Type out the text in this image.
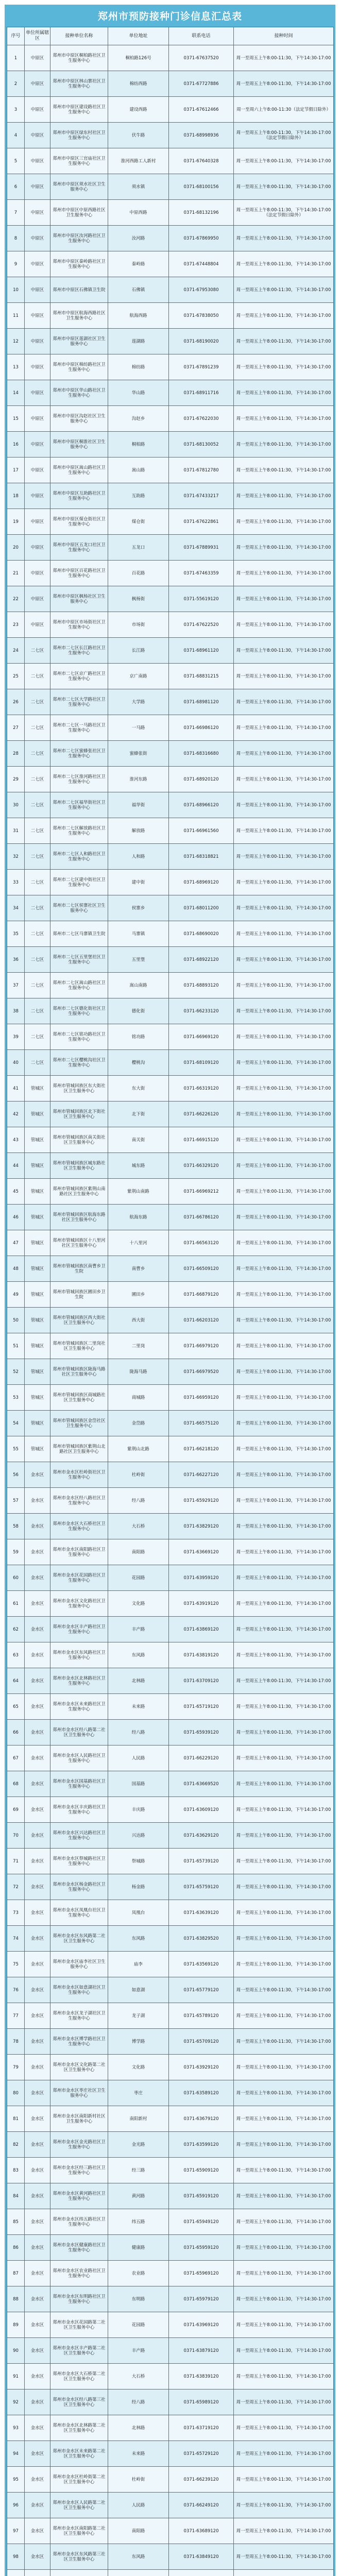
郑州市预防接种门诊信息汇总表
序号	单位所属辖区	接种单位名称	单位地址	联系电话	接种时间
1	中原区	郑州市中原区桐柏路社区卫生服务中心	桐柏路126号	0371-67637520	周一至周五上午8:00-11:30，下午14:30-17:00
2	中原区	郑州市中原区林山寨社区卫生服务中心	棉纺西路	0371-67727886	周一至周五上午8:00-11:30，下午14:30-17:00
3	中原区	郑州市中原区建设路社区卫生服务中心	建设西路	0371-67612466	周一至周六上午8:00-11:30（法定节假日除外）
4	中原区	郑州市中原区绿东村社区卫生服务中心	伏牛路	0371-68998936	周一至周五上午8:00-11:30，下午14:30-17:00（法定节假日除外）
5	中原区	郑州市中原区三官庙社区卫生服务中心	淮河西路工人新村	0371-67640328	周一至周五上午8:00-11:30，下午14:30-17:00
6	中原区	郑州市中原区须水社区卫生服务中心	须水镇	0371-68100156	周一至周五上午8:00-11:30，下午14:30-17:00
7	中原区	郑州市中原区中原西路社区卫生服务中心	中原西路	0371-68132196	周一至周五上午8:00-11:30，下午14:30-17:00（法定节假日除外）
8	中原区	郑州市中原区汝河路社区卫生服务中心	汝河路	0371-67869950	周一至周五上午8:00-11:30，下午14:30-17:00
9	中原区	郑州市中原区秦岭路社区卫生服务中心	秦岭路	0371-67448804	周一至周五上午8:00-11:30，下午14:30-17:00
10	中原区	郑州市中原区石佛镇卫生院	石佛镇	0371-67953080	周一至周五上午8:00-11:30，下午14:30-17:00
11	中原区	郑州市中原区航海西路社区卫生服务中心	航海西路	0371-67838050	周一至周五上午8:00-11:30，下午14:30-17:00
12	中原区	郑州市中原区莲湖社区卫生服务中心	莲湖路	0371-68190020	周一至周五上午8:00-11:30，下午14:30-17:00
13	中原区	郑州市中原区棉纺路社区卫生服务中心	棉纺路	0371-67891239	周一至周五上午8:00-11:30，下午14:30-17:00
14	中原区	郑州市中原区华山路社区卫生服务中心	华山路	0371-68911716	周一至周五上午8:00-11:30，下午14:30-17:00
15	中原区	郑州市中原区沟赵社区卫生服务中心	沟赵乡	0371-67622030	周一至周五上午8:00-11:30，下午14:30-17:00
16	中原区	郑州市中原区桐淮社区卫生服务中心	桐柏路	0371-68130052	周一至周五上午8:00-11:30，下午14:30-17:00
17	中原区	郑州市中原区嵩山路社区卫生服务中心	嵩山路	0371-67812780	周一至周五上午8:00-11:30，下午14:30-17:00
18	中原区	郑州市中原区互助路社区卫生服务中心	互助路	0371-67433217	周一至周五上午8:00-11:30，下午14:30-17:00
19	中原区	郑州市中原区煤仓街社区卫生服务中心	煤仓街	0371-67622861	周一至周五上午8:00-11:30，下午14:30-17:00
20	中原区	郑州市中原区五龙口社区卫生服务中心	五龙口	0371-67889931	周一至周五上午8:00-11:30，下午14:30-17:00
21	中原区	郑州市中原区百花路社区卫生服务中心	百花路	0371-67463359	周一至周五上午8:00-11:30，下午14:30-17:00
22	中原区	郑州市中原区枫杨社区卫生服务中心	枫杨街	0371-55619120	周一至周五上午8:00-11:30，下午14:30-17:00
23	中原区	郑州市中原区市场街社区卫生服务中心	市场街	0371-67622520	周一至周五上午8:00-11:30，下午14:30-17:00
24	二七区	郑州市二七区长江路社区卫生服务中心	长江路	0371-68961120	周一至周五上午8:00-11:30，下午14:30-17:00
25	二七区	郑州市二七区京广路社区卫生服务中心	京广南路	0371-68831215	周一至周五上午8:00-11:30，下午14:30-17:00
26	二七区	郑州市二七区大学路社区卫生服务中心	大学路	0371-68981120	周一至周五上午8:00-11:30，下午14:30-17:00
27	二七区	郑州市二七区一马路社区卫生服务中心	一马路	0371-66986120	周一至周五上午8:00-11:30，下午14:30-17:00
28	二七区	郑州市二七区蜜蜂张社区卫生服务中心	蜜蜂张街	0371-68316680	周一至周五上午8:00-11:30，下午14:30-17:00
29	二七区	郑州市二七区淮河路社区卫生服务中心	淮河东路	0371-68920120	周一至周五上午8:00-11:30，下午14:30-17:00
30	二七区	郑州市二七区福华街社区卫生服务中心	福华街	0371-68966120	周一至周五上午8:00-11:30，下午14:30-17:00
31	二七区	郑州市二七区解放路社区卫生服务中心	解放路	0371-66961560	周一至周五上午8:00-11:30，下午14:30-17:00
32	二七区	郑州市二七区人和路社区卫生服务中心	人和路	0371-68318821	周一至周五上午8:00-11:30，下午14:30-17:00
33	二七区	郑州市二七区建中街社区卫生服务中心	建中街	0371-68969120	周一至周五上午8:00-11:30，下午14:30-17:00
34	二七区	郑州市二七区侯寨社区卫生服务中心	侯寨乡	0371-68011200	周一至周五上午8:00-11:30，下午14:30-17:00
35	二七区	郑州市二七区马寨镇卫生院	马寨镇	0371-68690020	周一至周五上午8:00-11:30，下午14:30-17:00
36	二七区	郑州市二七区五里堡社区卫生服务中心	五里堡	0371-68922120	周一至周五上午8:00-11:30，下午14:30-17:00
37	二七区	郑州市二七区嵩山路社区卫生服务中心	嵩山南路	0371-68893120	周一至周五上午8:00-11:30，下午14:30-17:00
38	二七区	郑州市二七区德化街社区卫生服务中心	德化街	0371-66233120	周一至周五上午8:00-11:30，下午14:30-17:00
39	二七区	郑州市二七区铭功路社区卫生服务中心	铭功路	0371-66969120	周一至周五上午8:00-11:30，下午14:30-17:00
40	二七区	郑州市二七区樱桃沟社区卫生服务中心	樱桃沟	0371-68109120	周一至周五上午8:00-11:30，下午14:30-17:00
41	管城区	郑州市管城回族区东大街社区卫生服务中心	东大街	0371-66319120	周一至周五上午8:00-11:30，下午14:30-17:00
42	管城区	郑州市管城回族区北下街社区卫生服务中心	北下街	0371-66226120	周一至周五上午8:00-11:30，下午14:30-17:00
43	管城区	郑州市管城回族区南关街社区卫生服务中心	南关街	0371-66915120	周一至周五上午8:00-11:30，下午14:30-17:00
44	管城区	郑州市管城回族区城东路社区卫生服务中心	城东路	0371-66329120	周一至周五上午8:00-11:30，下午14:30-17:00
45	管城区	郑州市管城回族区紫荆山南路社区卫生服务中心	紫荆山南路	0371-66969212	周一至周五上午8:00-11:30，下午14:30-17:00
46	管城区	郑州市管城回族区航海东路社区卫生服务中心	航海东路	0371-66786120	周一至周五上午8:00-11:30，下午14:30-17:00
47	管城区	郑州市管城回族区十八里河社区卫生服务中心	十八里河	0371-66563120	周一至周五上午8:00-11:30，下午14:30-17:00
48	管城区	郑州市管城回族区南曹乡卫生院	南曹乡	0371-66509120	周一至周五上午8:00-11:30，下午14:30-17:00
49	管城区	郑州市管城回族区圃田乡卫生院	圃田乡	0371-66879120	周一至周五上午8:00-11:30，下午14:30-17:00
50	管城区	郑州市管城回族区西大街社区卫生服务中心	西大街	0371-66203120	周一至周五上午8:00-11:30，下午14:30-17:00
51	管城区	郑州市管城回族区二里岗社区卫生服务中心	二里岗	0371-66979120	周一至周五上午8:00-11:30，下午14:30-17:00
52	管城区	郑州市管城回族区陇海马路社区卫生服务中心	陇海马路	0371-66979520	周一至周五上午8:00-11:30，下午14:30-17:00
53	管城区	郑州市管城回族区商城路社区卫生服务中心	商城路	0371-66959120	周一至周五上午8:00-11:30，下午14:30-17:00
54	管城区	郑州市管城回族区金岱社区卫生服务中心	金岱路	0371-66575120	周一至周五上午8:00-11:30，下午14:30-17:00
55	管城区	郑州市管城回族区紫荆山北路社区卫生服务中心	紫荆山北路	0371-66218120	周一至周五上午8:00-11:30，下午14:30-17:00
56	金水区	郑州市金水区杜岭街社区卫生服务中心	杜岭街	0371-66227120	周一至周五上午8:00-11:30，下午14:30-17:00
57	金水区	郑州市金水区经八路社区卫生服务中心	经八路	0371-65929120	周一至周五上午8:00-11:30，下午14:30-17:00
58	金水区	郑州市金水区大石桥社区卫生服务中心	大石桥	0371-63829120	周一至周五上午8:00-11:30，下午14:30-17:00
59	金水区	郑州市金水区南阳路社区卫生服务中心	南阳路	0371-63669120	周一至周五上午8:00-11:30，下午14:30-17:00
60	金水区	郑州市金水区花园路社区卫生服务中心	花园路	0371-63959120	周一至周五上午8:00-11:30，下午14:30-17:00
61	金水区	郑州市金水区文化路社区卫生服务中心	文化路	0371-63919120	周一至周五上午8:00-11:30，下午14:30-17:00
62	金水区	郑州市金水区丰产路社区卫生服务中心	丰产路	0371-63869120	周一至周五上午8:00-11:30，下午14:30-17:00
63	金水区	郑州市金水区东风路社区卫生服务中心	东风路	0371-63819120	周一至周五上午8:00-11:30，下午14:30-17:00
64	金水区	郑州市金水区北林路社区卫生服务中心	北林路	0371-63709120	周一至周五上午8:00-11:30，下午14:30-17:00
65	金水区	郑州市金水区未来路社区卫生服务中心	未来路	0371-65719120	周一至周五上午8:00-11:30，下午14:30-17:00
66	金水区	郑州市金水区经八路第二社区卫生服务中心	经八路	0371-65939120	周一至周五上午8:00-11:30，下午14:30-17:00
67	金水区	郑州市金水区人民路社区卫生服务中心	人民路	0371-66229120	周一至周五上午8:00-11:30，下午14:30-17:00
68	金水区	郑州市金水区国基路社区卫生服务中心	国基路	0371-63669520	周一至周五上午8:00-11:30，下午14:30-17:00
69	金水区	郑州市金水区丰庆路社区卫生服务中心	丰庆路	0371-63609120	周一至周五上午8:00-11:30，下午14:30-17:00
70	金水区	郑州市金水区兴达路社区卫生服务中心	兴达路	0371-63629120	周一至周五上午8:00-11:30，下午14:30-17:00
71	金水区	郑州市金水区祭城路社区卫生服务中心	祭城路	0371-65739120	周一至周五上午8:00-11:30，下午14:30-17:00
72	金水区	郑州市金水区杨金路社区卫生服务中心	杨金路	0371-65759120	周一至周五上午8:00-11:30，下午14:30-17:00
73	金水区	郑州市金水区凤凰台社区卫生服务中心	凤凰台	0371-63639120	周一至周五上午8:00-11:30，下午14:30-17:00
74	金水区	郑州市金水区东风路第二社区卫生服务中心	东风路	0371-63829520	周一至周五上午8:00-11:30，下午14:30-17:00
75	金水区	郑州市金水区庙李社区卫生服务中心	庙李	0371-63569120	周一至周五上午8:00-11:30，下午14:30-17:00
76	金水区	郑州市金水区如意湖社区卫生服务中心	如意湖	0371-65779120	周一至周五上午8:00-11:30，下午14:30-17:00
77	金水区	郑州市金水区龙子湖社区卫生服务中心	龙子湖	0371-65789120	周一至周五上午8:00-11:30，下午14:30-17:00
78	金水区	郑州市金水区博学路社区卫生服务中心	博学路	0371-65709120	周一至周五上午8:00-11:30，下午14:30-17:00
79	金水区	郑州市金水区文化路第二社区卫生服务中心	文化路	0371-63929120	周一至周五上午8:00-11:30，下午14:30-17:00
80	金水区	郑州市金水区枣庄社区卫生服务中心	枣庄	0371-63589120	周一至周五上午8:00-11:30，下午14:30-17:00
81	金水区	郑州市金水区南阳新村社区卫生服务中心	南阳新村	0371-63679120	周一至周五上午8:00-11:30，下午14:30-17:00
82	金水区	郑州市金水区金光路社区卫生服务中心	金光路	0371-63599120	周一至周五上午8:00-11:30，下午14:30-17:00
83	金水区	郑州市金水区经三路社区卫生服务中心	经三路	0371-65909120	周一至周五上午8:00-11:30，下午14:30-17:00
84	金水区	郑州市金水区黄河路社区卫生服务中心	黄河路	0371-65919120	周一至周五上午8:00-11:30，下午14:30-17:00
85	金水区	郑州市金水区纬五路社区卫生服务中心	纬五路	0371-65949120	周一至周五上午8:00-11:30，下午14:30-17:00
86	金水区	郑州市金水区健康路社区卫生服务中心	健康路	0371-65959120	周一至周五上午8:00-11:30，下午14:30-17:00
87	金水区	郑州市金水区农业路社区卫生服务中心	农业路	0371-65969120	周一至周五上午8:00-11:30，下午14:30-17:00
88	金水区	郑州市金水区东明路社区卫生服务中心	东明路	0371-65979120	周一至周五上午8:00-11:30，下午14:30-17:00
89	金水区	郑州市金水区花园路第二社区卫生服务中心	花园路	0371-63969120	周一至周五上午8:00-11:30，下午14:30-17:00
90	金水区	郑州市金水区丰产路第二社区卫生服务中心	丰产路	0371-63879120	周一至周五上午8:00-11:30，下午14:30-17:00
91	金水区	郑州市金水区大石桥第二社区卫生服务中心	大石桥	0371-63839120	周一至周五上午8:00-11:30，下午14:30-17:00
92	金水区	郑州市金水区经八路第三社区卫生服务中心	经八路	0371-65989120	周一至周五上午8:00-11:30，下午14:30-17:00
93	金水区	郑州市金水区北林路第二社区卫生服务中心	北林路	0371-63719120	周一至周五上午8:00-11:30，下午14:30-17:00
94	金水区	郑州市金水区未来路第二社区卫生服务中心	未来路	0371-65729120	周一至周五上午8:00-11:30，下午14:30-17:00
95	金水区	郑州市金水区杜岭街第二社区卫生服务中心	杜岭街	0371-66239120	周一至周五上午8:00-11:30，下午14:30-17:00
96	金水区	郑州市金水区人民路第二社区卫生服务中心	人民路	0371-66249120	周一至周五上午8:00-11:30，下午14:30-17:00
97	金水区	郑州市金水区南阳路第二社区卫生服务中心	南阳路	0371-63689120	周一至周五上午8:00-11:30，下午14:30-17:00
98	金水区	郑州市金水区东风路第三社区卫生服务中心	东风路	0371-63849120	周一至周五上午8:00-11:30，下午14:30-17:00
